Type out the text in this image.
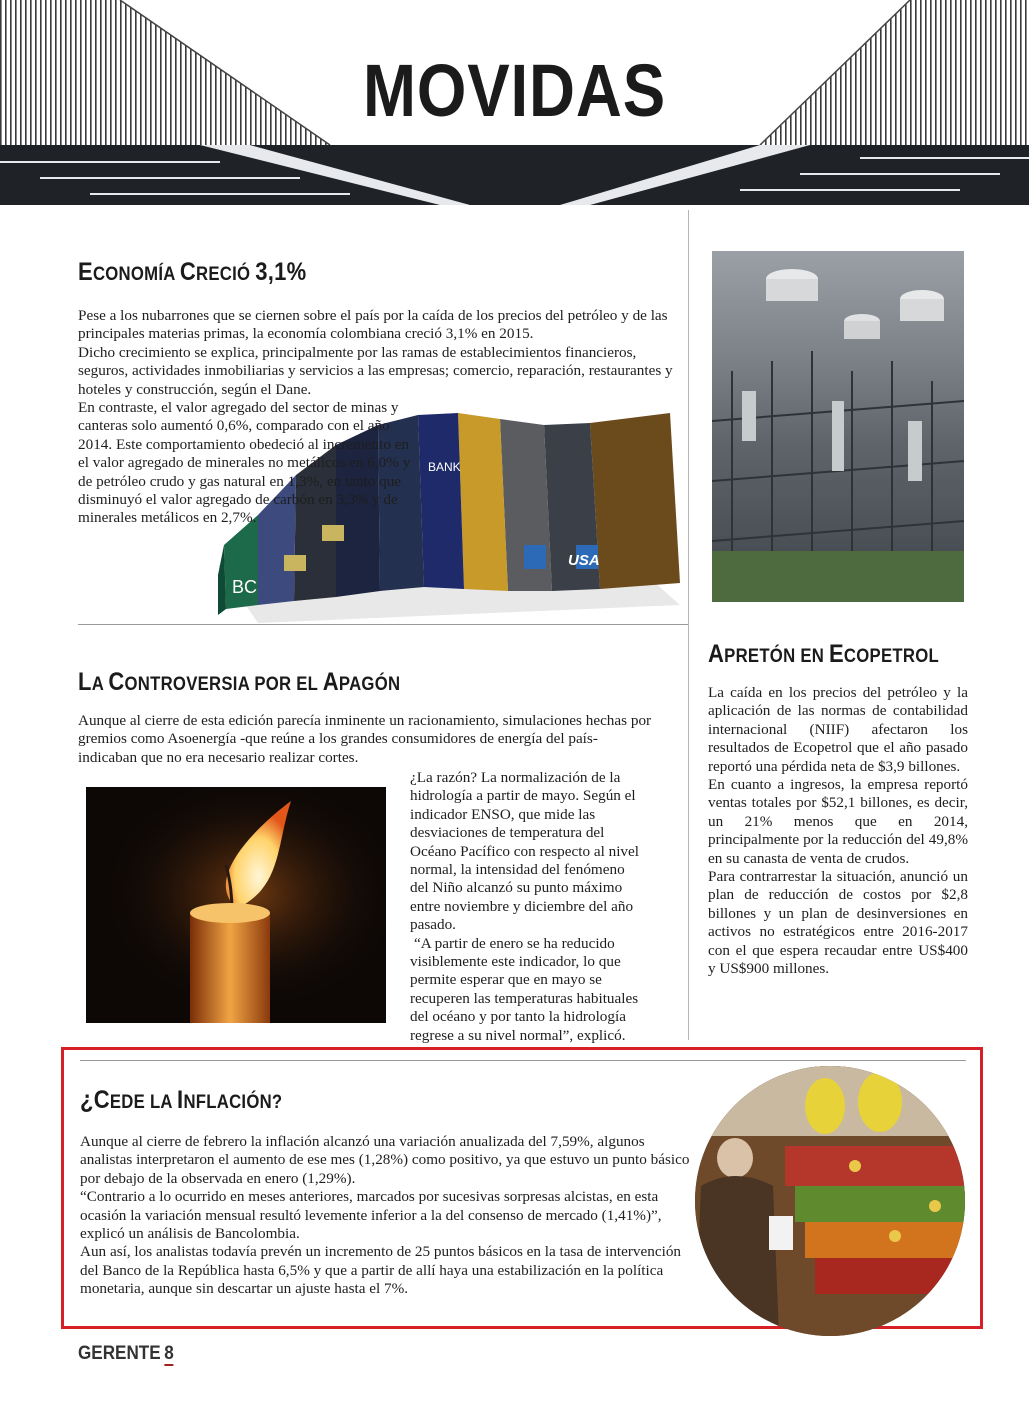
MOVIDAS
ECONOMÍA CRECIÓ 3,1%
USA
BANK
BC

Pese a los nubarrones que se ciernen sobre el país por la caída de los precios del petróleo y de las principales materias primas, la economía colombiana creció 3,1% en 2015.

Dicho crecimiento se explica, principalmente por las ramas de establecimientos financieros, seguros, actividades inmobiliarias y servicios a las empresas; comercio, reparación, restaurantes y hoteles y construcción, según el Dane.

En contraste, el valor agregado del sector de minas y canteras solo aumentó 0,6%, comparado con el año 2014. Este comportamiento obedeció al incremento en el valor agregado de minerales no metálicos en 6,0% y de petróleo crudo y gas natural en 1,3%, en tanto que disminuyó el valor agregado de carbón en 3,3% y de minerales metálicos en 2,7%.

LA CONTROVERSIA POR EL APAGÓN
Aunque al cierre de esta edición parecía inminente un racionamiento, simulaciones hechas por gremios como Asoenergía -que reúne a los grandes consumidores de energía del país- indicaban que no era necesario realizar cortes.

¿La razón? La normalización de la hidrología a partir de mayo. Según el indicador ENSO, que mide las desviaciones de temperatura del Océano Pacífico con respecto al nivel normal, la intensidad del fenómeno del Niño alcanzó su punto máximo entre noviembre y diciembre del año pasado.

“A partir de enero se ha reducido visiblemente este indicador, lo que permite esperar que en mayo se recuperen las temperaturas habituales del océano y por tanto la hidrología regrese a su nivel normal”, explicó.

APRETÓN EN ECOPETROL

La caída en los precios del petróleo y la aplicación de las normas de contabilidad internacional (NIIF) afectaron los resultados de Ecopetrol que el año pasado reportó una pérdida neta de $3,9 billones.

En cuanto a ingresos, la empresa reportó ventas totales por $52,1 billones, es decir, un 21% menos que en 2014, principalmente por la reducción del 49,8% en su canasta de venta de crudos.

Para contrarrestar la situación, anunció un plan de reducción de costos por $2,8 billones y un plan de desinversiones en activos no estratégicos entre 2016-2017 con el que espera recaudar entre US$400 y US$900 millones.

¿CEDE LA INFLACIÓN?

Aunque al cierre de febrero la inflación alcanzó una variación anualizada del 7,59%, algunos analistas interpretaron el aumento de ese mes (1,28%) como positivo, ya que estuvo un punto básico por debajo de la observada en enero (1,29%).

“Contrario a lo ocurrido en meses anteriores, marcados por sucesivas sorpresas alcistas, en esta ocasión la variación mensual resultó levemente inferior a la del consenso de mercado (1,41%)”, explicó un análisis de Bancolombia.

Aun así, los analistas todavía prevén un incremento de 25 puntos básicos en la tasa de intervención del Banco de la República hasta 6,5% y que a partir de allí haya una estabilización en la política monetaria, aunque sin descartar un ajuste hasta el 7%.

GERENTE 8
